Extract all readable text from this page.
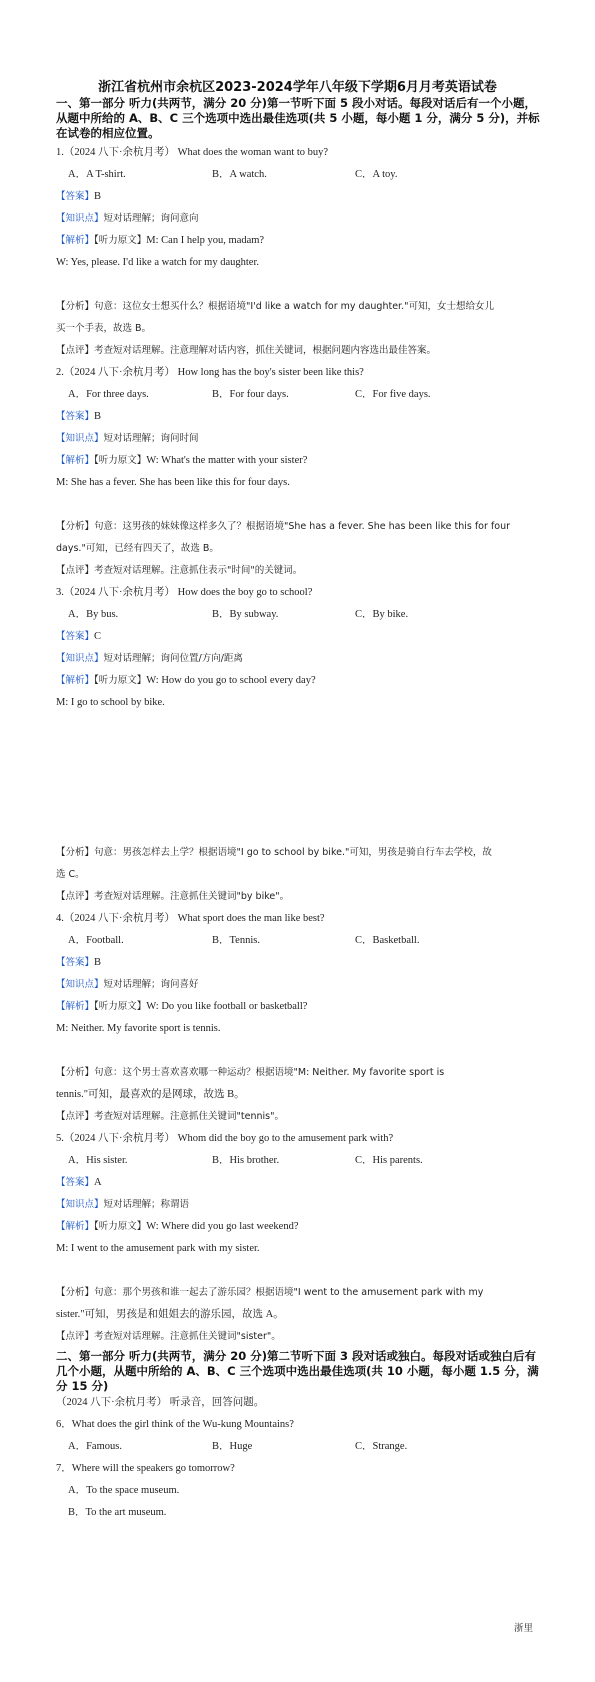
浙江省杭州市余杭区2023-2024学年八年级下学期6月月考英语试卷
一、第一部分 听力(共两节，满分 20 分)第一节听下面 5 段小对话。每段对话后有一个小题，从题中所给的 A、B、C 三个选项中选出最佳选项(共 5 小题，每小题 1 分，满分 5 分)，并标在试卷的相应位置。
1.（2024 八下·余杭月考） What does the woman want to buy?
A．A T-shirt.	B．A watch.	C．A toy.
【答案】B
【知识点】短对话理解；询问意向
【解析】【听力原文】M: Can I help you, madam?
W: Yes, please. I'd like a watch for my daughter.
【分析】句意：这位女士想买什么？根据语境"I'd like a watch for my daughter."可知，女士想给女儿
买一个手表，故选 B。
【点评】考查短对话理解。注意理解对话内容，抓住关键词，根据问题内容选出最佳答案。
2.（2024 八下·余杭月考） How long has the boy's sister been like this?
A．For three days.	B．For four days.	C．For five days.
【答案】B
【知识点】短对话理解；询问时间
【解析】【听力原文】W: What's the matter with your sister?
M: She has a fever. She has been like this for four days.
【分析】句意：这男孩的妹妹像这样多久了？根据语境"She has a fever. She has been like this for four
days."可知，已经有四天了，故选 B。
【点评】考查短对话理解。注意抓住表示"时间"的关键词。
3.（2024 八下·余杭月考） How does the boy go to school?
A．By bus.	B．By subway.	C．By bike.
【答案】C
【知识点】短对话理解；询问位置/方向/距离
【解析】【听力原文】W: How do you go to school every day?
M: I go to school by bike.
【分析】句意：男孩怎样去上学？根据语境"I go to school by bike."可知，男孩是骑自行车去学校，故
选 C。
【点评】考查短对话理解。注意抓住关键词"by bike"。
4.（2024 八下·余杭月考） What sport does the man like best?
A．Football.	B．Tennis.	C．Basketball.
【答案】B
【知识点】短对话理解；询问喜好
【解析】【听力原文】W: Do you like football or basketball?
M: Neither. My favorite sport is tennis.
【分析】句意：这个男士喜欢喜欢哪一种运动？根据语境"M: Neither. My favorite sport is
tennis."可知，最喜欢的是网球，故选 B。
【点评】考查短对话理解。注意抓住关键词"tennis"。
5.（2024 八下·余杭月考） Whom did the boy go to the amusement park with?
A．His sister.	B．His brother.	C．His parents.
【答案】A
【知识点】短对话理解；称谓语
【解析】【听力原文】W: Where did you go last weekend?
M: I went to the amusement park with my sister.
【分析】句意：那个男孩和谁一起去了游乐园？根据语境"I went to the amusement park with my
sister."可知，男孩是和姐姐去的游乐园，故选 A。
【点评】考查短对话理解。注意抓住关键词"sister"。
二、第一部分 听力(共两节，满分 20 分)第二节听下面 3 段对话或独白。每段对话或独白后有几个小题，从题中所给的 A、B、C 三个选项中选出最佳选项(共 10 小题，每小题 1.5 分，满分 15 分)
（2024 八下·余杭月考） 听录音，回答问题。
6．What does the girl think of the Wu-kung Mountains?
A．Famous.	B．Huge	C．Strange.
7．Where will the speakers go tomorrow?
A．To the space museum.
B．To the art museum.
浙里
